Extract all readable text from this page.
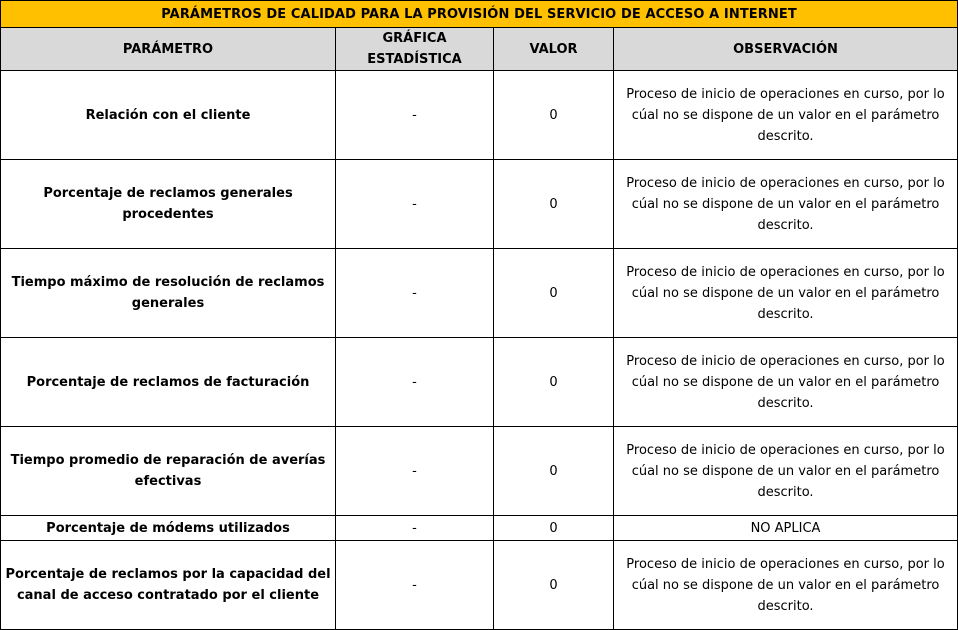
PARÁMETROS DE CALIDAD PARA LA PROVISIÓN DEL SERVICIO DE ACCESO A INTERNET			
PARÁMETRO	GRÁFICA ESTADÍSTICA	VALOR	OBSERVACIÓN
Relación con el cliente	-	0	Proceso de inicio de operaciones en curso, por lo cúal no se dispone de un valor en el parámetro descrito.
Porcentaje de reclamos generales procedentes	-	0	Proceso de inicio de operaciones en curso, por lo cúal no se dispone de un valor en el parámetro descrito.
Tiempo máximo de resolución de reclamos generales	-	0	Proceso de inicio de operaciones en curso, por lo cúal no se dispone de un valor en el parámetro descrito.
Porcentaje de reclamos de facturación	-	0	Proceso de inicio de operaciones en curso, por lo cúal no se dispone de un valor en el parámetro descrito.
Tiempo promedio de reparación de averías efectivas	-	0	Proceso de inicio de operaciones en curso, por lo cúal no se dispone de un valor en el parámetro descrito.
Porcentaje de módems utilizados	-	0	NO APLICA
Porcentaje de reclamos por la capacidad del canal de acceso contratado por el cliente	-	0	Proceso de inicio de operaciones en curso, por lo cúal no se dispone de un valor en el parámetro descrito.
